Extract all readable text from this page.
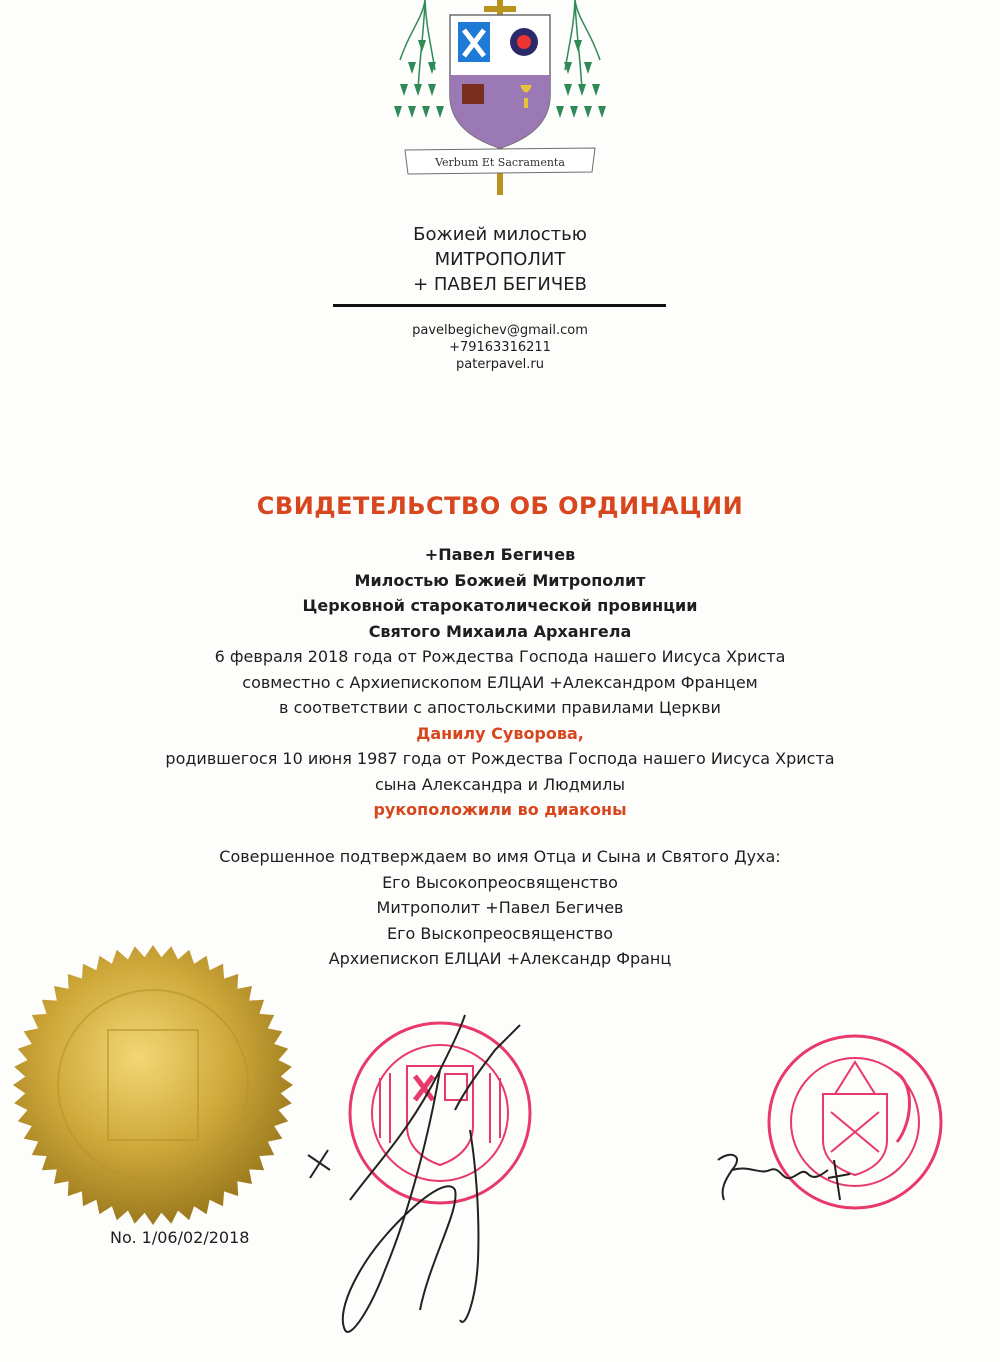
Verbum Et Sacramenta
Божией милостью
МИТРОПОЛИТ
+ ПАВЕЛ БЕГИЧЕВ
pavelbegichev@gmail.com
+79163316211
paterpavel.ru
СВИДЕТЕЛЬСТВО ОБ ОРДИНАЦИИ
+Павел Бегичев
Милостью Божией Митрополит
Церковной старокатолической провинции
Святого Михаила Архангела
6 февраля 2018 года от Рождества Господа нашего Иисуса Христа
совместно с Архиепископом ЕЛЦАИ +Александром Францем
в соответствии с апостольскими правилами Церкви
Данилу Суворова,
родившегося 10 июня 1987 года от Рождества Господа нашего Иисуса Христа
сына Александра и Людмилы
рукоположили во диаконы
Совершенное подтверждаем во имя Отца и Сына и Святого Духа:
Его Высокопреосвященство
Митрополит +Павел Бегичев
Его Выскопреосвященство
Архиепископ ЕЛЦАИ +Александр Франц
No. 1/06/02/2018
